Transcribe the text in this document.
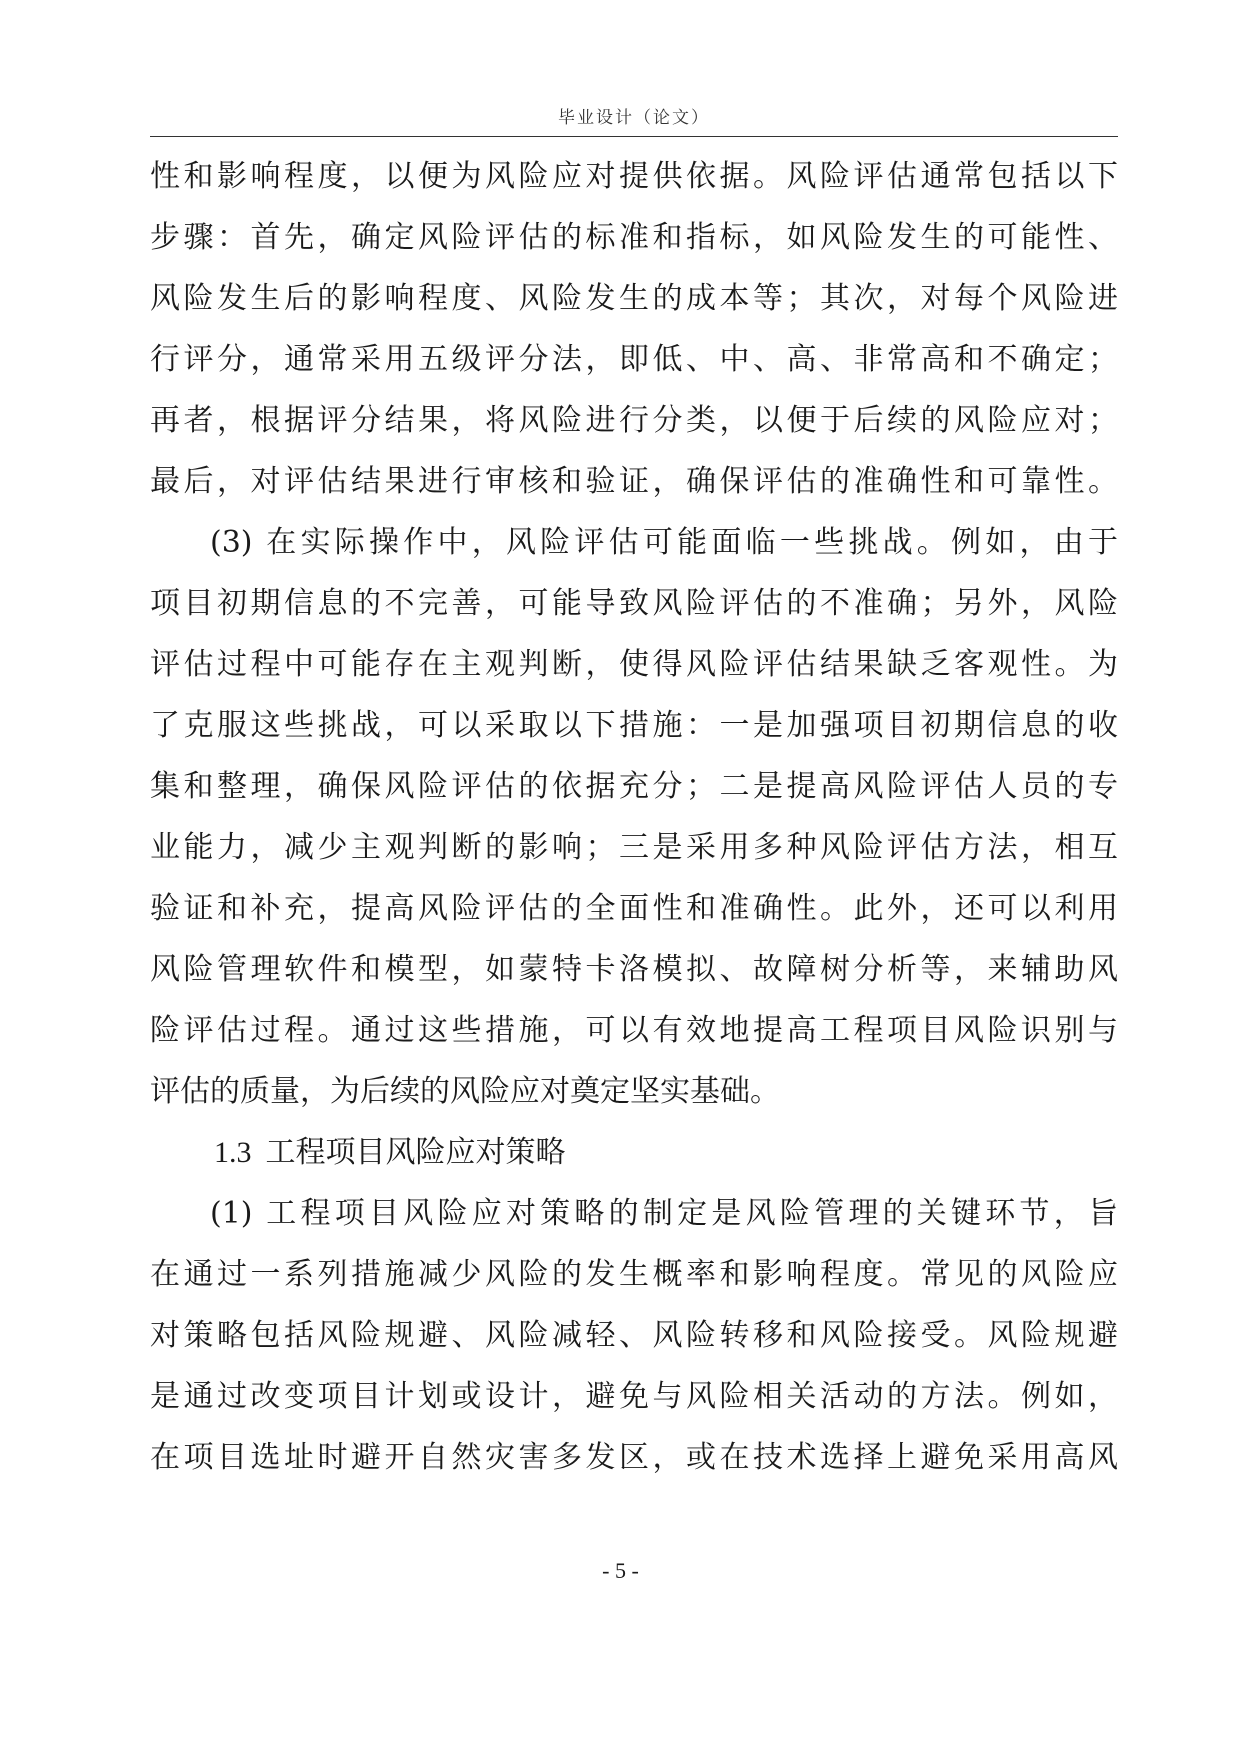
毕业设计（论文）
性和影响程度，以便为风险应对提供依据。风险评估通常包括以下
步骤：首先，确定风险评估的标准和指标，如风险发生的可能性、
风险发生后的影响程度、风险发生的成本等；其次，对每个风险进
行评分，通常采用五级评分法，即低、中、高、非常高和不确定；
再者，根据评分结果，将风险进行分类，以便于后续的风险应对；
最后，对评估结果进行审核和验证，确保评估的准确性和可靠性。
(3) 在实际操作中，风险评估可能面临一些挑战。例如，由于
项目初期信息的不完善，可能导致风险评估的不准确；另外，风险
评估过程中可能存在主观判断，使得风险评估结果缺乏客观性。为
了克服这些挑战，可以采取以下措施：一是加强项目初期信息的收
集和整理，确保风险评估的依据充分；二是提高风险评估人员的专
业能力，减少主观判断的影响；三是采用多种风险评估方法，相互
验证和补充，提高风险评估的全面性和准确性。此外，还可以利用
风险管理软件和模型，如蒙特卡洛模拟、故障树分析等，来辅助风
险评估过程。通过这些措施，可以有效地提高工程项目风险识别与
评估的质量，为后续的风险应对奠定坚实基础。
1.3 工程项目风险应对策略
(1) 工程项目风险应对策略的制定是风险管理的关键环节，旨
在通过一系列措施减少风险的发生概率和影响程度。常见的风险应
对策略包括风险规避、风险减轻、风险转移和风险接受。风险规避
是通过改变项目计划或设计，避免与风险相关活动的方法。例如，
在项目选址时避开自然灾害多发区，或在技术选择上避免采用高风
- 5 -
